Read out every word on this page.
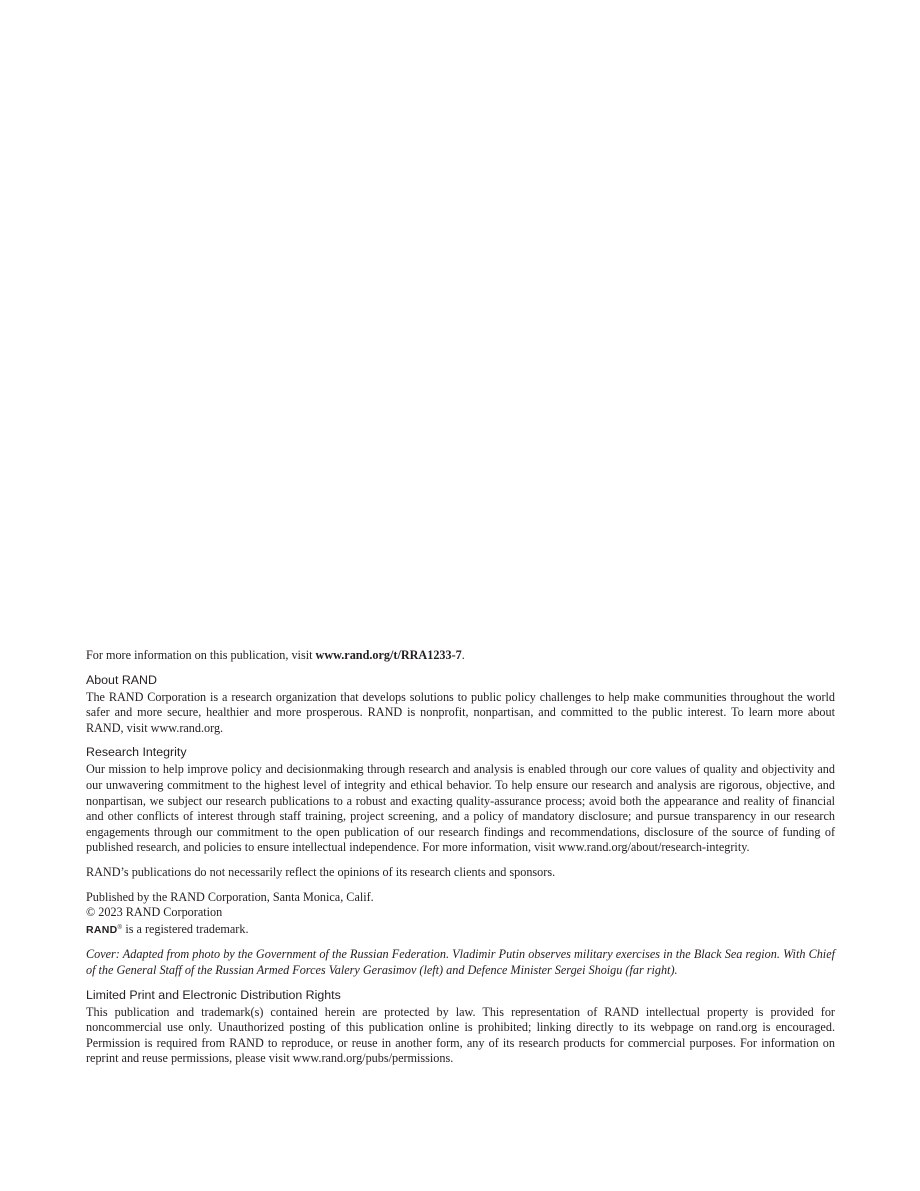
For more information on this publication, visit www.rand.org/t/RRA1233-7.

About RAND

The RAND Corporation is a research organization that develops solutions to public policy challenges to help make communities throughout the world safer and more secure, healthier and more prosperous. RAND is nonprofit, nonpartisan, and committed to the public interest. To learn more about RAND, visit www.rand.org.

Research Integrity

Our mission to help improve policy and decisionmaking through research and analysis is enabled through our core values of quality and objectivity and our unwavering commitment to the highest level of integrity and ethical behavior. To help ensure our research and analysis are rigorous, objective, and nonpartisan, we subject our research publications to a robust and exacting quality-assurance process; avoid both the appearance and reality of financial and other conflicts of interest through staff training, project screening, and a policy of mandatory disclosure; and pursue transparency in our research engagements through our commitment to the open publication of our research findings and recommendations, disclosure of the source of funding of published research, and policies to ensure intellectual independence. For more information, visit www.rand.org/about/research-integrity.

RAND’s publications do not necessarily reflect the opinions of its research clients and sponsors.

Published by the RAND Corporation, Santa Monica, Calif.
© 2023 RAND Corporation
RAND® is a registered trademark.

Cover: Adapted from photo by the Government of the Russian Federation. Vladimir Putin observes military exercises in the Black Sea region. With Chief of the General Staff of the Russian Armed Forces Valery Gerasimov (left) and Defence Minister Sergei Shoigu (far right).

Limited Print and Electronic Distribution Rights

This publication and trademark(s) contained herein are protected by law. This representation of RAND intellectual property is provided for noncommercial use only. Unauthorized posting of this publication online is prohibited; linking directly to its webpage on rand.org is encouraged. Permission is required from RAND to reproduce, or reuse in another form, any of its research products for commercial purposes. For information on reprint and reuse permissions, please visit www.rand.org/pubs/permissions.
